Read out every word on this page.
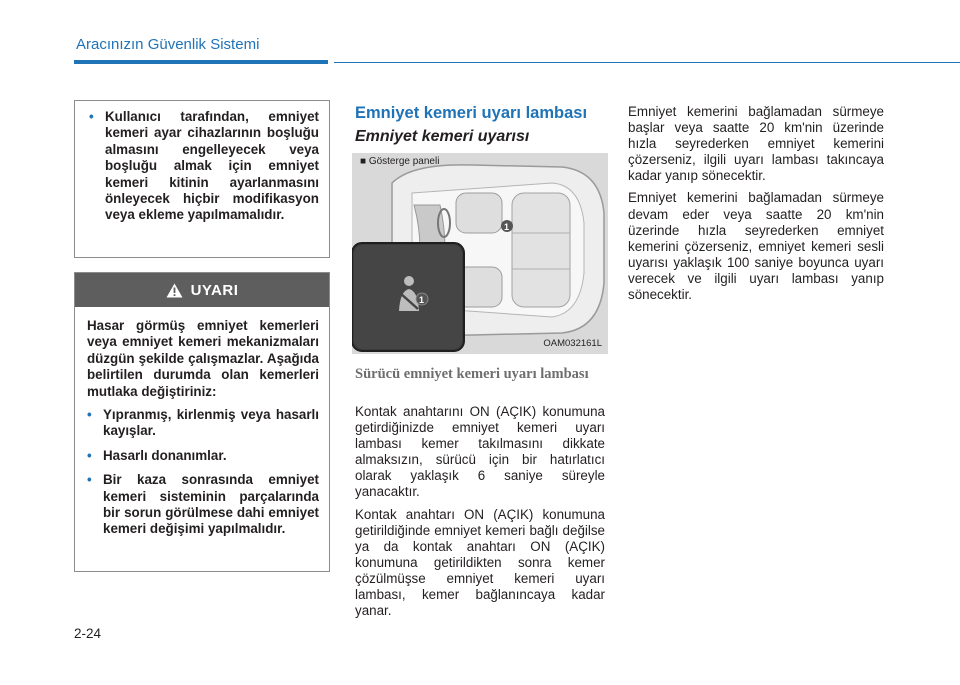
Aracınızın Güvenlik Sistemi
• Kullanıcı tarafından, emniyet kemeri ayar cihazlarının boşluğu almasını engelleyecek veya boşluğu almak için emniyet kemeri kitinin ayarlanmasını önleyecek hiçbir modifikasyon veya ekleme yapılmamalıdır.
UYARI
Hasar görmüş emniyet kemerleri veya emniyet kemeri mekanizmaları düzgün şekilde çalışmazlar. Aşağıda belirtilen durumda olan kemerleri mutlaka değiştiriniz:
• Yıpranmış, kirlenmiş veya hasarlı kayışlar.
• Hasarlı donanımlar.
• Bir kaza sonrasında emniyet kemeri sisteminin parçalarında bir sorun görülmese dahi emniyet kemeri değişimi yapılmalıdır.
Emniyet kemeri uyarı lambası
Emniyet kemeri uyarısı
1
1
■ Gösterge paneli
OAM032161L
Sürücü emniyet kemeri uyarı lambası

Kontak anahtarını ON (AÇIK) konumuna getirdiğinizde emniyet kemeri uyarı lambası kemer takılmasını dikkate almaksızın, sürücü için bir hatırlatıcı olarak yaklaşık 6 saniye süreyle yanacaktır.

Kontak anahtarı ON (AÇIK) konumuna getirildiğinde emniyet kemeri bağlı değilse ya da kontak anahtarı ON (AÇIK) konumuna getirildikten sonra kemer çözülmüşse emniyet kemeri uyarı lambası, kemer bağlanıncaya kadar yanar.

Emniyet kemerini bağlamadan sürmeye başlar veya saatte 20 km'nin üzerinde hızla seyrederken emniyet kemerini çözerseniz, ilgili uyarı lambası takıncaya kadar yanıp sönecektir.

Emniyet kemerini bağlamadan sürmeye devam eder veya saatte 20 km'nin üzerinde hızla seyrederken emniyet kemerini çözerseniz, emniyet kemeri sesli uyarısı yaklaşık 100 saniye boyunca uyarı verecek ve ilgili uyarı lambası yanıp sönecektir.

2-24
